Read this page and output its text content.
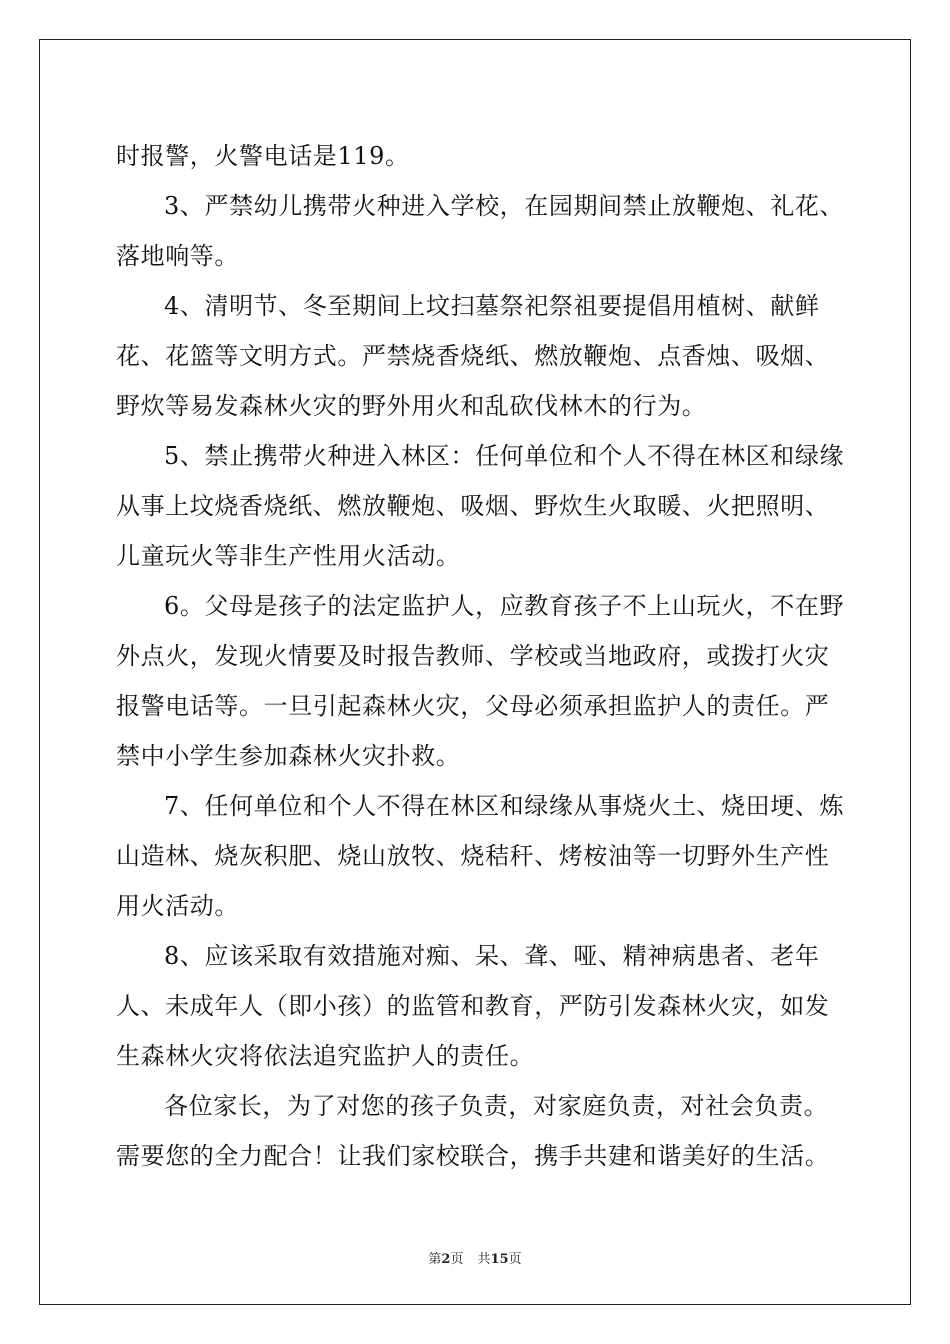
时报警，火警电话是119。

3、严禁幼儿携带火种进入学校，在园期间禁止放鞭炮、礼花、落地响等。

4、清明节、冬至期间上坟扫墓祭祀祭祖要提倡用植树、献鲜花、花篮等文明方式。严禁烧香烧纸、燃放鞭炮、点香烛、吸烟、野炊等易发森林火灾的野外用火和乱砍伐林木的行为。

5、禁止携带火种进入林区：任何单位和个人不得在林区和绿缘从事上坟烧香烧纸、燃放鞭炮、吸烟、野炊生火取暖、火把照明、儿童玩火等非生产性用火活动。

6。父母是孩子的法定监护人，应教育孩子不上山玩火，不在野外点火，发现火情要及时报告教师、学校或当地政府，或拨打火灾报警电话等。一旦引起森林火灾，父母必须承担监护人的责任。严禁中小学生参加森林火灾扑救。

7、任何单位和个人不得在林区和绿缘从事烧火土、烧田埂、炼山造林、烧灰积肥、烧山放牧、烧秸秆、烤桉油等一切野外生产性用火活动。

8、应该采取有效措施对痴、呆、聋、哑、精神病患者、老年人、未成年人（即小孩）的监管和教育，严防引发森林火灾，如发生森林火灾将依法追究监护人的责任。

各位家长，为了对您的孩子负责，对家庭负责，对社会负责。需要您的全力配合！让我们家校联合，携手共建和谐美好的生活。

第2页 共15页
